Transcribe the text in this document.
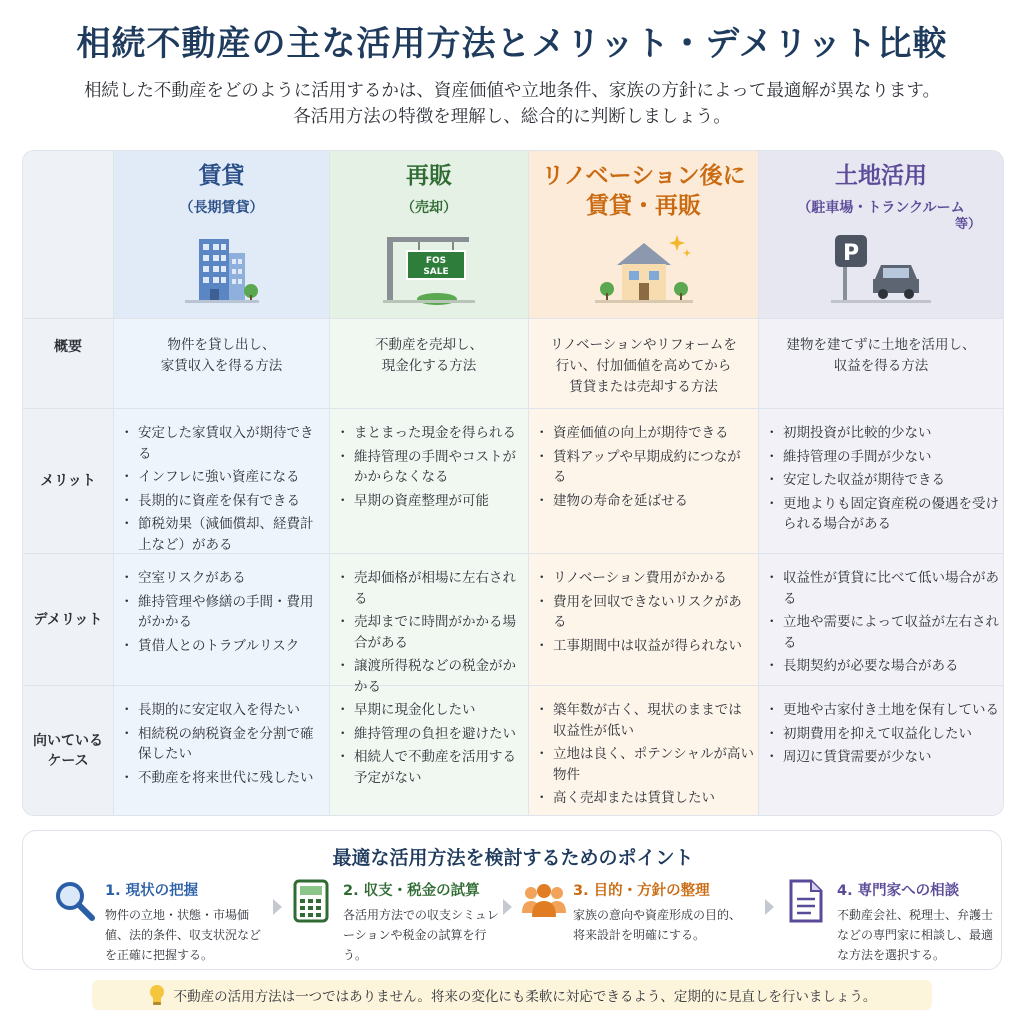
相続不動産の主な活用方法とメリット・デメリット比較
相続した不動産をどのように活用するかは、資産価値や立地条件、家族の方針によって最適解が異なります。
各活用方法の特徴を理解し、総合的に判断しましょう。
賃貸
（長期賃貸）
再販
（売却）
FOS
SALE
リノベーション後に
賃貸・再販
土地活用
（駐車場・トランクルーム
等）
P
概要	物件を貸し出し、
家賃収入を得る方法
不動産を売却し、
現金化する方法
リノベーションやリフォームを
行い、付加価値を高めてから
賃貸または売却する方法
建物を建てずに土地を活用し、
収益を得る方法
メリット
・ 安定した家賃収入が期待できる
・ インフレに強い資産になる
・ 長期的に資産を保有できる
・ 節税効果（減価償却、経費計上など）がある
・ まとまった現金を得られる
・ 維持管理の手間やコストがかからなくなる
・ 早期の資産整理が可能
・ 資産価値の向上が期待できる
・ 賃料アップや早期成約につながる
・ 建物の寿命を延ばせる
・ 初期投資が比較的少ない
・ 維持管理の手間が少ない
・ 安定した収益が期待できる
・ 更地よりも固定資産税の優遇を受けられる場合がある
デメリット
・ 空室リスクがある
・ 維持管理や修繕の手間・費用がかかる
・ 賃借人とのトラブルリスク
・ 売却価格が相場に左右される
・ 売却までに時間がかかる場合がある
・ 譲渡所得税などの税金がかかる
・ リノベーション費用がかかる
・ 費用を回収できないリスクがある
・ 工事期間中は収益が得られない
・ 収益性が賃貸に比べて低い場合がある
・ 立地や需要によって収益が左右される
・ 長期契約が必要な場合がある
向いている
ケース
・ 長期的に安定収入を得たい
・ 相続税の納税資金を分割で確保したい
・ 不動産を将来世代に残したい
・ 早期に現金化したい
・ 維持管理の負担を避けたい
・ 相続人で不動産を活用する予定がない
・ 築年数が古く、現状のままでは収益性が低い
・ 立地は良く、ポテンシャルが高い物件
・ 高く売却または賃貸したい
・ 更地や古家付き土地を保有している
・ 初期費用を抑えて収益化したい
・ 周辺に賃貸需要が少ない
最適な活用方法を検討するためのポイント
1. 現状の把握
物件の立地・状態・市場価値、法的条件、収支状況などを正確に把握する。
2. 収支・税金の試算
各活用方法での収支シミュレーションや税金の試算を行う。
3. 目的・方針の整理
家族の意向や資産形成の目的、将来設計を明確にする。
4. 専門家への相談
不動産会社、税理士、弁護士などの専門家に相談し、最適な方法を選択する。
不動産の活用方法は一つではありません。将来の変化にも柔軟に対応できるよう、定期的に見直しを行いましょう。
